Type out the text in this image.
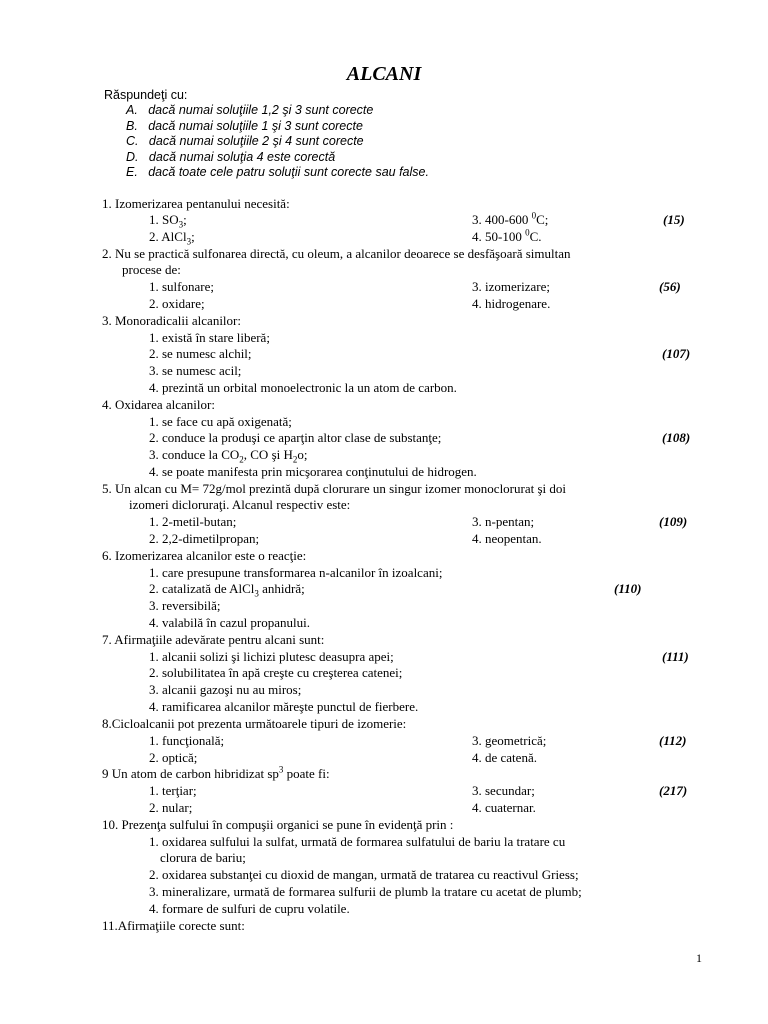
ALCANI
Răspundeţi cu:
A. dacă numai soluţiile 1,2 şi 3 sunt corecte
B. dacă numai soluţiile 1 şi 3 sunt corecte
C. dacă numai soluţiile 2 şi 4 sunt corecte
D. dacă numai soluţia 4 este corectă
E. dacă toate cele patru soluţii sunt corecte sau false.
1. Izomerizarea pentanului necesită:
1. $SO_3$;	3. 400-600 $^0$C;	(15)
2. AlCl$_3$;	4. 50-100 $^0$C.
2. Nu se practică sulfonarea directă, cu oleum, a alcanilor deoarece se desfăşoară simultan
procese de:
1. sulfonare;	3. izomerizare;	(56)
2. oxidare;	4. hidrogenare.
3. Monoradicalii alcanilor:
1. există în stare liberă;
2. se numesc alchil;	(107)
3. se numesc acil;
4. prezintă un orbital monoelectronic la un atom de carbon.
4. Oxidarea alcanilor:
1. se face cu apă oxigenată;
2. conduce la produşi ce aparţin altor clase de substanţe;	(108)
3. conduce la $CO_2$, CO şi $H_2o$;
4. se poate manifesta prin micşorarea conţinutului de hidrogen.
5. Un alcan cu M= 72g/mol prezintă după clorurare un singur izomer monoclorurat şi doi
izomeri dicloruraţi. Alcanul respectiv este:
1. 2-metil-butan;	3. n-pentan;	(109)
2. 2,2-dimetilpropan;	4. neopentan.
6. Izomerizarea alcanilor este o reacţie:
1. care presupune transformarea n-alcanilor în izoalcani;
2. catalizată de AlCl$_3$ anhidră;	(110)
3. reversibilă;
4. valabilă în cazul propanului.
7. Afirmaţiile adevărate pentru alcani sunt:
1. alcanii solizi şi lichizi plutesc deasupra apei;	(111)
2. solubilitatea în apă creşte cu creşterea catenei;
3. alcanii gazoşi nu au miros;
4. ramificarea alcanilor măreşte punctul de fierbere.
8.Cicloalcanii pot prezenta următoarele tipuri de izomerie:
1. funcţională;	3. geometrică;	(112)
2. optică;	4. de catenă.
9 Un atom de carbon hibridizat $sp^3$ poate fi:
1. terţiar;	3. secundar;	(217)
2. nular;	4. cuaternar.
10. Prezenţa sulfului în compuşii organici se pune în evidenţă prin :
1. oxidarea sulfului la sulfat, urmată de formarea sulfatului de bariu la tratare cu
clorura de bariu;
2. oxidarea substanţei cu dioxid de mangan, urmată de tratarea cu reactivul Griess;
3. mineralizare, urmată de formarea sulfurii de plumb la tratare cu acetat de plumb;
4. formare de sulfuri de cupru volatile.
11.Afirmaţiile corecte sunt:
1
